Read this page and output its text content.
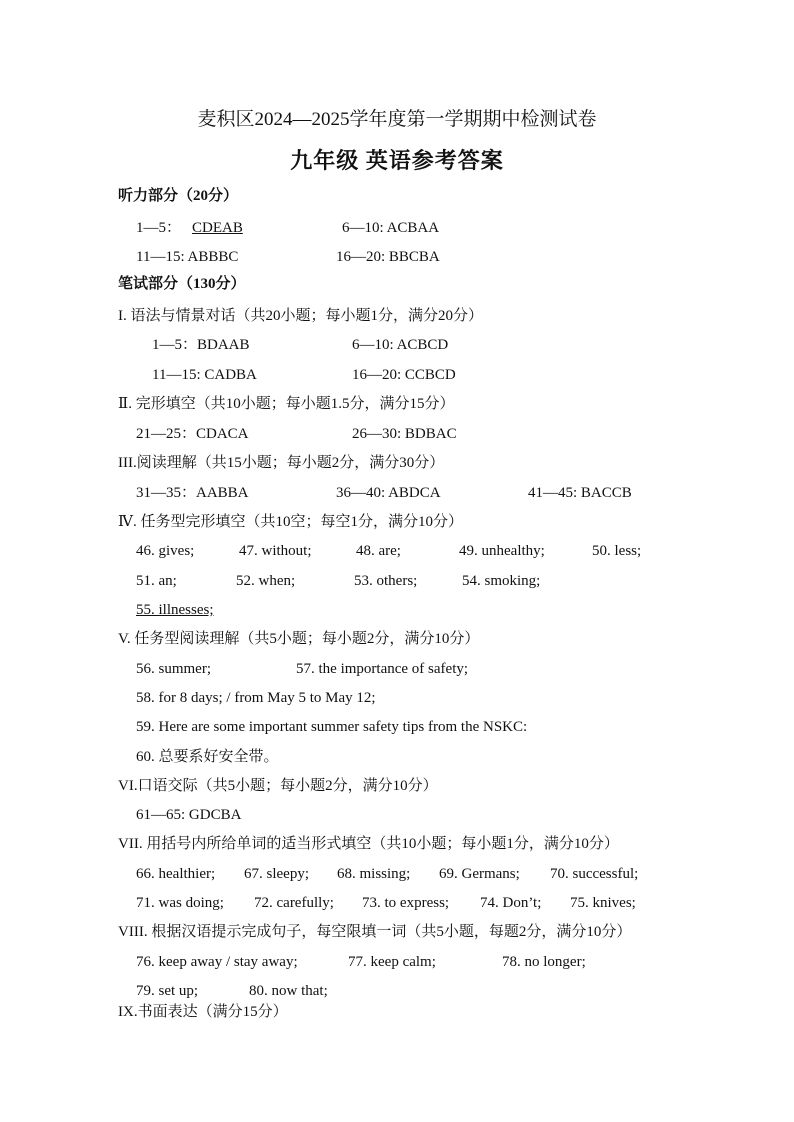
麦积区2024—2025学年度第一学期期中检测试卷
九年级 英语参考答案
听力部分（20分）
1—5： CDEAB	6—10: ACBAA
11—15: ABBBC	16—20: BBCBA
笔试部分（130分）
I. 语法与情景对话（共20小题；每小题1分，满分20分）
1—5：BDAAB	6—10: ACBCD
11—15: CADBA	16—20: CCBCD
Ⅱ. 完形填空（共10小题；每小题1.5分，满分15分）
21—25：CDACA	26—30: BDBAC
III.阅读理解（共15小题；每小题2分，满分30分）
31—35：AABBA	36—40: ABDCA	41—45: BACCB
Ⅳ. 任务型完形填空（共10空；每空1分，满分10分）
46. gives;	47. without;	48. are;	49. unhealthy;	50. less;
51. an;	52. when;	53. others;	54. smoking;
55. illnesses;
V. 任务型阅读理解（共5小题；每小题2分，满分10分）
56. summer;	57. the importance of safety;
58. for 8 days; / from May 5 to May 12;
59. Here are some important summer safety tips from the NSKC:
60. 总要系好安全带。
VI.口语交际（共5小题；每小题2分，满分10分）
61—65: GDCBA
VII. 用括号内所给单词的适当形式填空（共10小题；每小题1分，满分10分）
66. healthier; 67. sleepy; 68. missing; 69. Germans; 70. successful;
71. was doing; 72. carefully; 73. to express; 74. Don’t; 75. knives;
VIII. 根据汉语提示完成句子，每空限填一词（共5小题，每题2分，满分10分）
76. keep away / stay away;	77. keep calm;	78. no longer;
79. set up;	80. now that;
IX.书面表达（满分15分）
